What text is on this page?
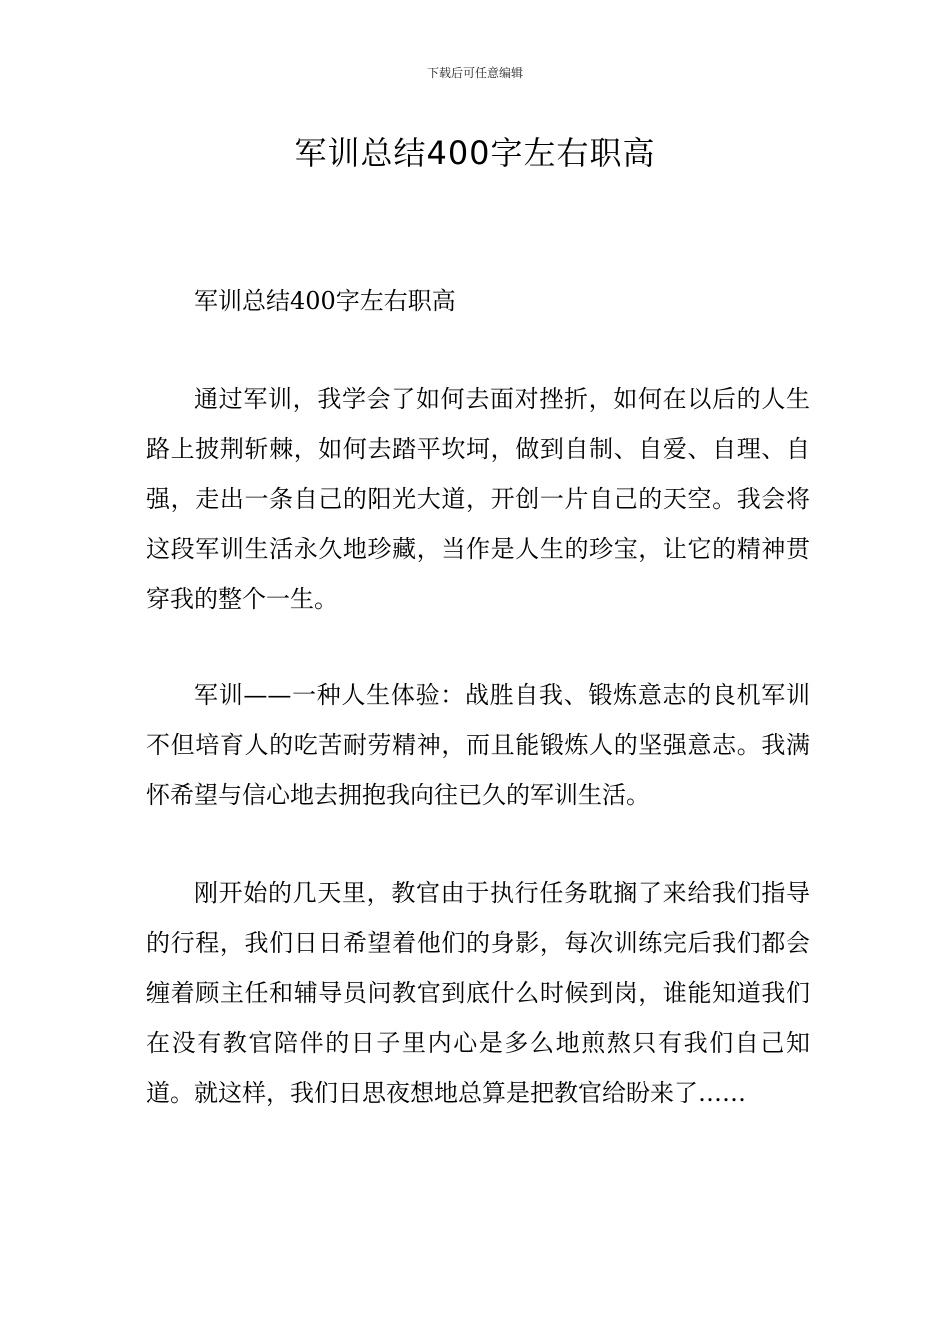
下载后可任意编辑
军训总结400字左右职高

军训总结400字左右职高

通过军训，我学会了如何去面对挫折，如何在以后的人生路上披荆斩棘，如何去踏平坎坷，做到自制、自爱、自理、自强，走出一条自己的阳光大道，开创一片自己的天空。我会将这段军训生活永久地珍藏，当作是人生的珍宝，让它的精神贯穿我的整个一生。

军训——一种人生体验：战胜自我、锻炼意志的良机军训不但培育人的吃苦耐劳精神，而且能锻炼人的坚强意志。我满怀希望与信心地去拥抱我向往已久的军训生活。

刚开始的几天里，教官由于执行任务耽搁了来给我们指导的行程，我们日日希望着他们的身影，每次训练完后我们都会缠着顾主任和辅导员问教官到底什么时候到岗，谁能知道我们在没有教官陪伴的日子里内心是多么地煎熬只有我们自己知道。就这样，我们日思夜想地总算是把教官给盼来了……
